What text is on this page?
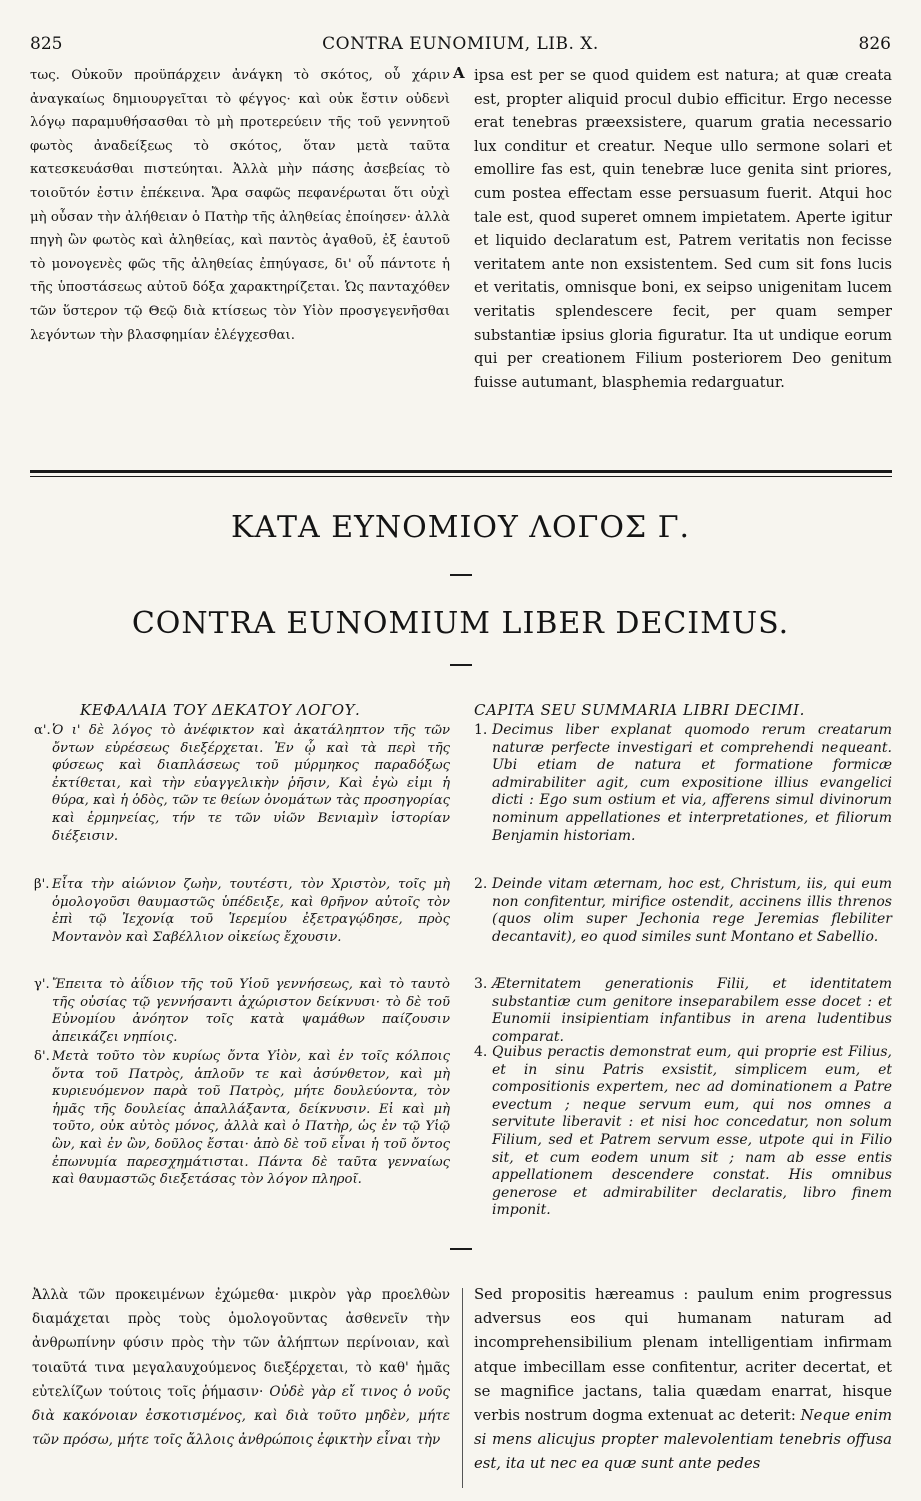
825	CONTRA EUNOMIUM, LIB. X.	826

τως. Οὐκοῦν προϋπάρχειν ἀνάγκη τὸ σκότος, οὗ χάριν ἀναγκαίως δημιουργεῖται τὸ φέγγος· καὶ οὐκ ἔστιν οὐδενὶ λόγῳ παραμυθήσασθαι τὸ μὴ προτερεύειν τῆς τοῦ γεννητοῦ φωτὸς ἀναδείξεως τὸ σκότος, ὅταν μετὰ ταῦτα κατεσκευάσθαι πιστεύηται. Ἀλλὰ μὴν πάσης ἀσεβείας τὸ τοιοῦτόν ἐστιν ἐπέκεινα. Ἄρα σαφῶς πεφανέρωται ὅτι οὐχὶ μὴ οὖσαν τὴν ἀλήθειαν ὁ Πατὴρ τῆς ἀληθείας ἐποίησεν· ἀλλὰ πηγὴ ὢν φωτὸς καὶ ἀληθείας, καὶ παντὸς ἀγαθοῦ, ἐξ ἑαυτοῦ τὸ μονογενὲς φῶς τῆς ἀληθείας ἐπηύγασε, δι' οὗ πάντοτε ἡ τῆς ὑποστάσεως αὐτοῦ δόξα χαρακτηρίζεται. Ὡς πανταχόθεν τῶν ὕστερον τῷ Θεῷ διὰ κτίσεως τὸν Υἱὸν προσγεγενῆσθαι λεγόντων τὴν βλασφημίαν ἐλέγχεσθαι.

A ipsa est per se quod quidem est natura; at quæ creata est, propter aliquid procul dubio efficitur. Ergo necesse erat tenebras præexsistere, quarum gratia necessario lux conditur et creatur. Neque ullo sermone solari et emollire fas est, quin tenebræ luce genita sint priores, cum postea effectam esse persuasum fuerit. Atqui hoc tale est, quod superet omnem impietatem. Aperte igitur et liquido declaratum est, Patrem veritatis non fecisse veritatem ante non exsistentem. Sed cum sit fons lucis et veritatis, omnisque boni, ex seipso unigenitam lucem veritatis splendescere fecit, per quam semper substantiæ ipsius gloria figuratur. Ita ut undique eorum qui per creationem Filium posteriorem Deo genitum fuisse autumant, blasphemia redarguatur.

ΚΑΤΑ ΕΥΝΟΜΙΟΥ ΛΟΓΟΣ Γ.
CONTRA EUNOMIUM LIBER DECIMUS.
ΚΕΦΑΛΑΙΑ ΤΟΥ ΔΕΚΑΤΟΥ ΛΟΓΟΥ.	CAPITA SEU SUMMARIA LIBRI DECIMI.
α'. Ὁ ι' δὲ λόγος τὸ ἀνέφικτον καὶ ἀκατάληπτον τῆς τῶν ὄντων εὑρέσεως διεξέρχεται. Ἐν ᾧ καὶ τὰ περὶ τῆς φύσεως καὶ διαπλάσεως τοῦ μύρμηκος παραδόξως ἐκτίθεται, καὶ τὴν εὐαγγελικὴν ῥῆσιν, Καὶ ἐγὼ εἰμι ἡ θύρα, καὶ ἡ ὁδὸς, τῶν τε θείων ὀνομάτων τὰς προσηγορίας καὶ ἑρμηνείας, τήν τε τῶν υἱῶν Βενιαμὶν ἱστορίαν διέξεισιν.
β'. Εἶτα τὴν αἰώνιον ζωὴν, τουτέστι, τὸν Χριστὸν, τοῖς μὴ ὁμολογοῦσι θαυμαστῶς ὑπέδειξε, καὶ θρῆνον αὐτοῖς τὸν ἐπὶ τῷ Ἰεχονίᾳ τοῦ Ἱερεμίου ἐξετραγῴδησε, πρὸς Μοντανὸν καὶ Σαβέλλιον οἰκείως ἔχουσιν.
γ'. Ἔπειτα τὸ ἀΐδιον τῆς τοῦ Υἱοῦ γεννήσεως, καὶ τὸ ταυτὸ τῆς οὐσίας τῷ γεννήσαντι ἀχώριστον δείκνυσι· τὸ δὲ τοῦ Εὐνομίου ἀνόητον τοῖς κατὰ ψαμάθων παίζουσιν ἀπεικάζει νηπίοις.
δ'. Μετὰ τοῦτο τὸν κυρίως ὄντα Υἱὸν, καὶ ἐν τοῖς κόλποις ὄντα τοῦ Πατρὸς, ἁπλοῦν τε καὶ ἀσύνθετον, καὶ μὴ κυριευόμενον παρὰ τοῦ Πατρὸς, μήτε δουλεύοντα, τὸν ἡμᾶς τῆς δουλείας ἀπαλλάξαντα, δείκνυσιν. Εἰ καὶ μὴ τοῦτο, οὐκ αὐτὸς μόνος, ἀλλὰ καὶ ὁ Πατὴρ, ὡς ἐν τῷ Υἱῷ ὢν, καὶ ἐν ὢν, δοῦλος ἔσται· ἀπὸ δὲ τοῦ εἶναι ἡ τοῦ ὄντος ἐπωνυμία παρεσχημάτισται. Πάντα δὲ ταῦτα γενναίως καὶ θαυμαστῶς διεξετάσας τὸν λόγον πληροῖ.
1. Decimus liber explanat quomodo rerum creatarum naturæ perfecte investigari et comprehendi nequeant. Ubi etiam de natura et formatione formicæ admirabiliter agit, cum expositione illius evangelici dicti : Ego sum ostium et via, afferens simul divinorum nominum appellationes et interpretationes, et filiorum Benjamin historiam.
2. Deinde vitam æternam, hoc est, Christum, iis, qui eum non confitentur, mirifice ostendit, accinens illis threnos (quos olim super Jechonia rege Jeremias flebiliter decantavit), eo quod similes sunt Montano et Sabellio.
3. Æternitatem generationis Filii, et identitatem substantiæ cum genitore inseparabilem esse docet : et Eunomii insipientiam infantibus in arena ludentibus comparat.
4. Quibus peractis demonstrat eum, qui proprie est Filius, et in sinu Patris exsistit, simplicem eum, et compositionis expertem, nec ad dominationem a Patre evectum ; neque servum eum, qui nos omnes a servitute liberavit : et nisi hoc concedatur, non solum Filium, sed et Patrem servum esse, utpote qui in Filio sit, et cum eodem unum sit ; nam ab esse entis appellationem descendere constat. His omnibus generose et admirabiliter declaratis, libro finem imponit.
Ἀλλὰ τῶν προκειμένων ἐχώμεθα· μικρὸν γὰρ προελθὼν διαμάχεται πρὸς τοὺς ὁμολογοῦντας ἀσθενεῖν τὴν ἀνθρωπίνην φύσιν πρὸς τὴν τῶν ἀλήπτων περίνοιαν, καὶ τοιαῦτά τινα μεγαλαυχούμενος διεξέρχεται, τὸ καθ' ἡμᾶς εὐτελίζων τούτοις τοῖς ῥήμασιν· Οὐδὲ γὰρ εἴ τινος ὁ νοῦς διὰ κακόνοιαν ἐσκοτισμένος, καὶ διὰ τοῦτο μηδὲν, μήτε τῶν πρόσω, μήτε τοῖς ἄλλοις ἀνθρώποις ἐφικτὴν εἶναι τὴν
Sed propositis hæreamus : paulum enim progressus adversus eos qui humanam naturam ad incomprehensibilium plenam intelligentiam infirmam atque imbecillam esse confitentur, acriter decertat, et se magnifice jactans, talia quædam enarrat, hisque verbis nostrum dogma extenuat ac deterit: Neque enim si mens alicujus propter malevolentiam tenebris offusa est, ita ut nec ea quæ sunt ante pedes
